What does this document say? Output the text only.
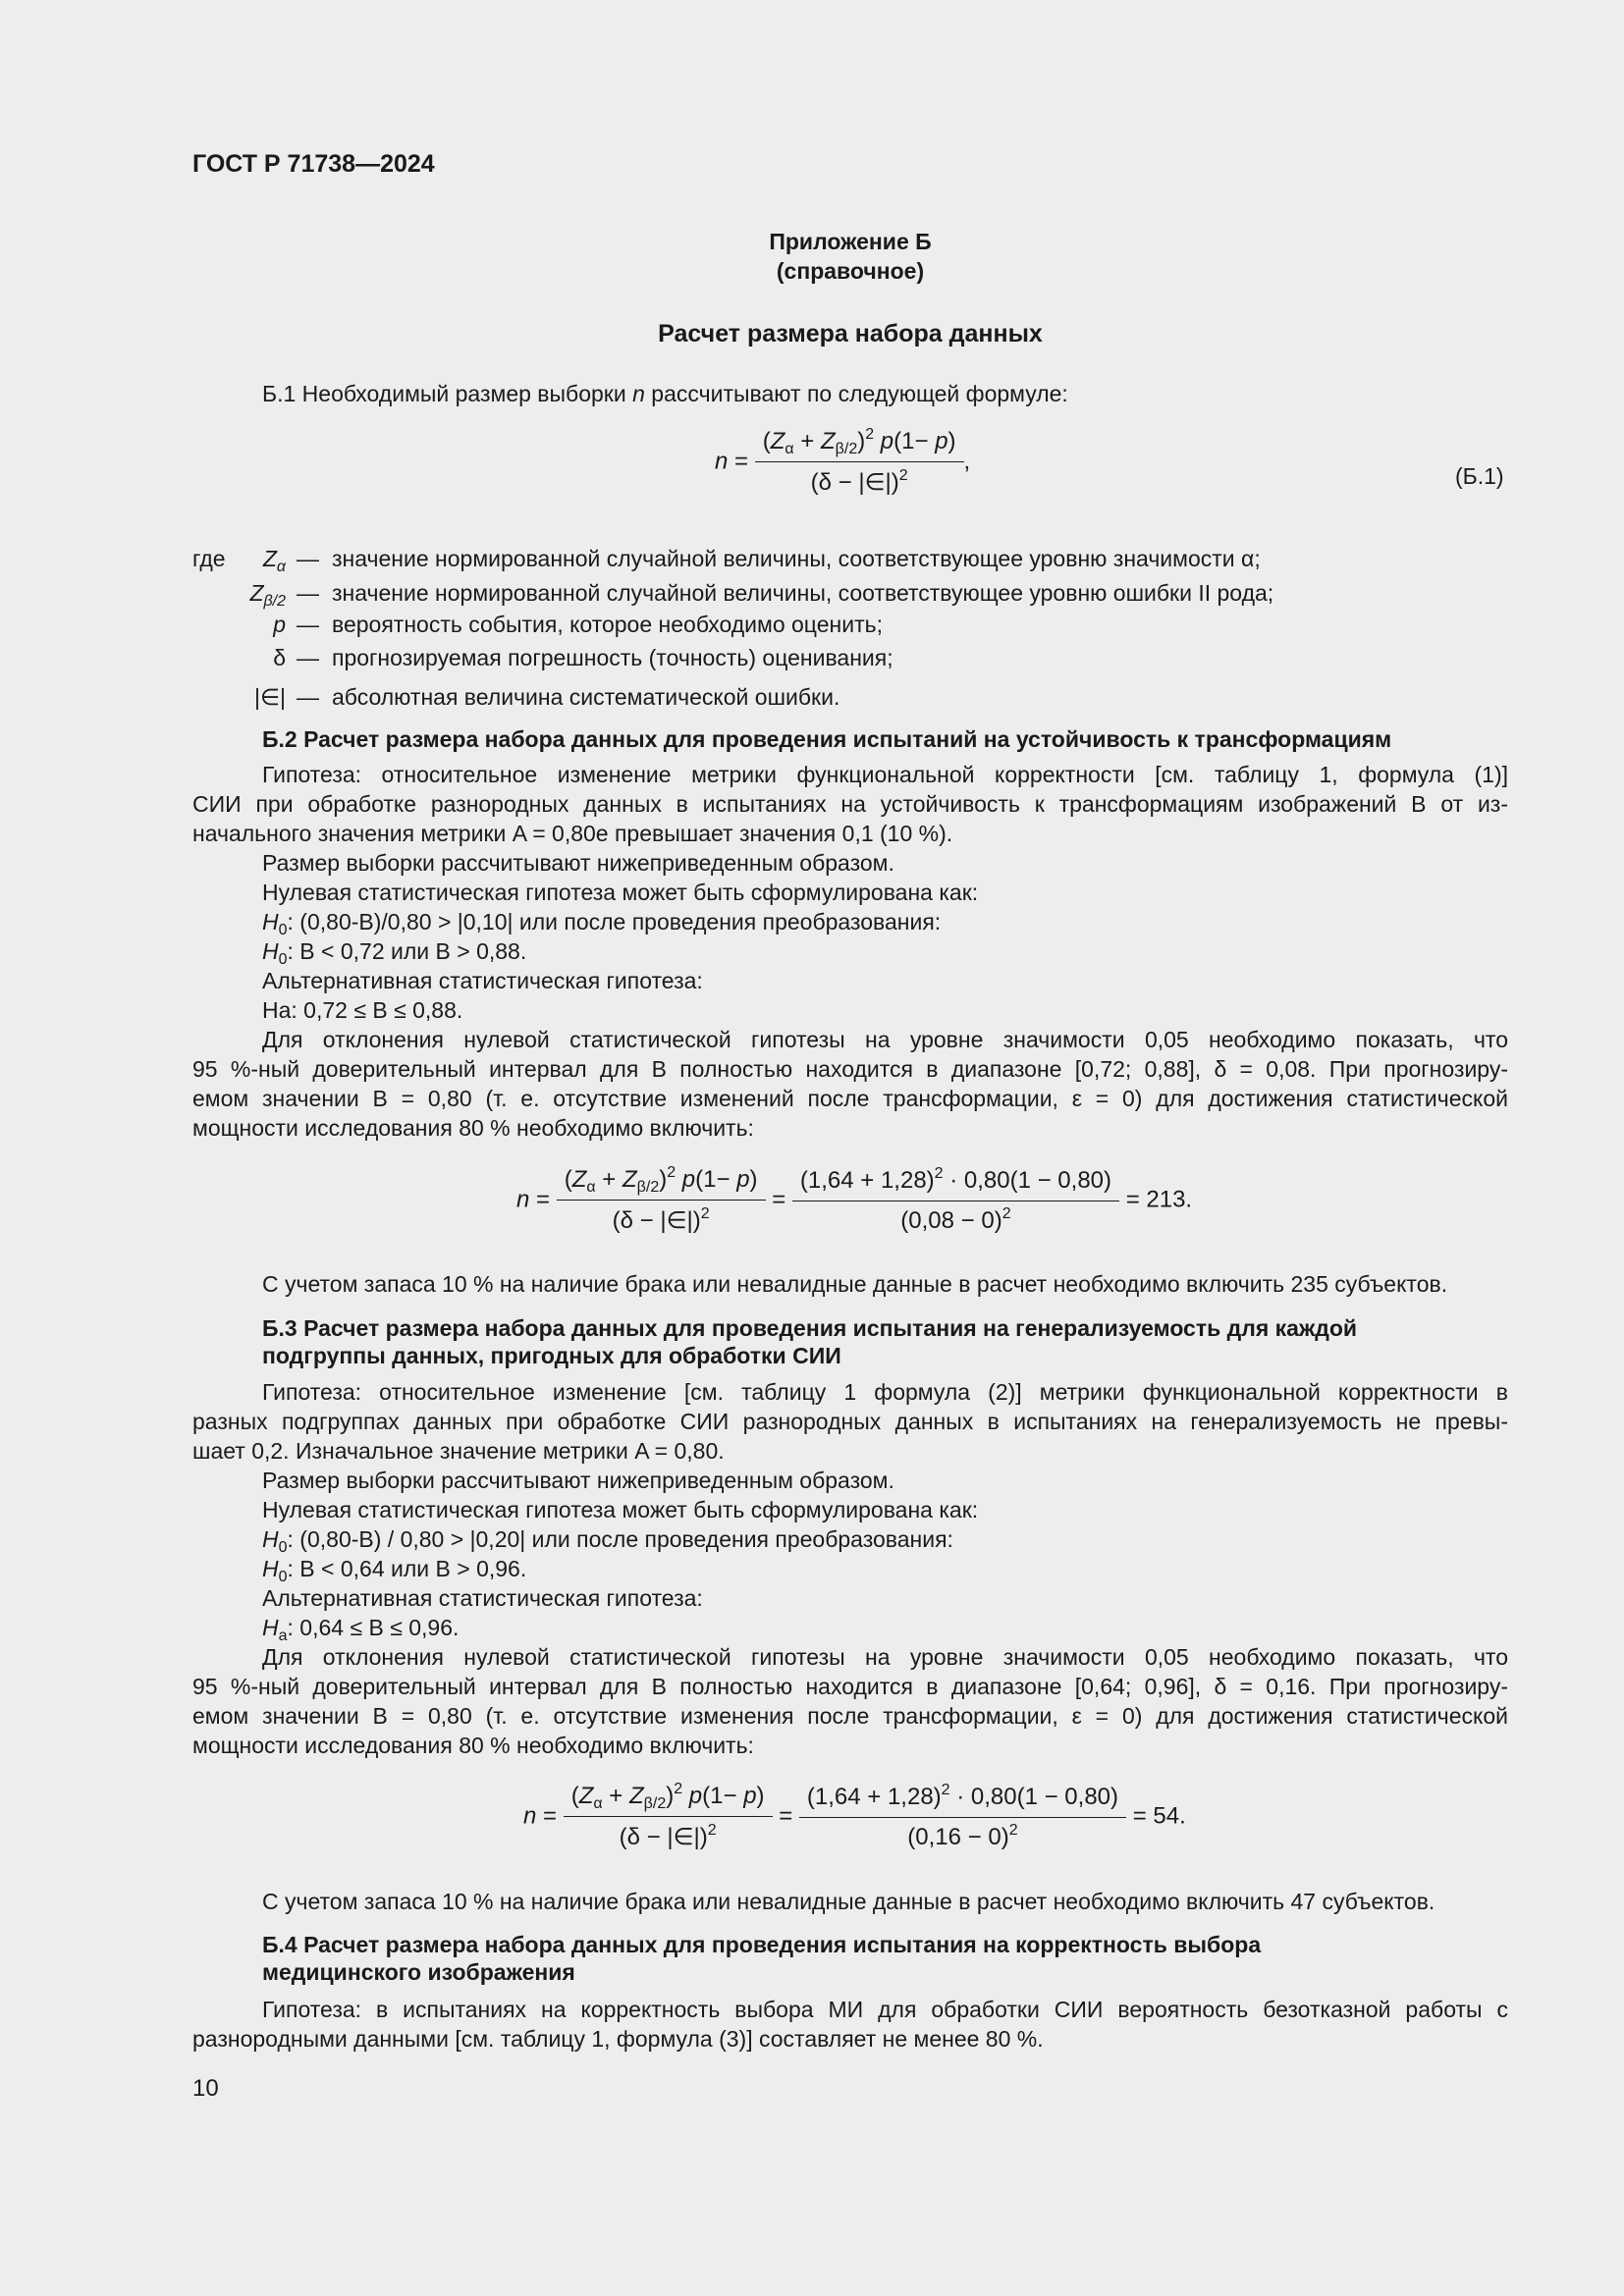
ГОСТ Р 71738—2024
Приложение Б
(справочное)
Расчет размера набора данных
Б.1 Необходимый размер выборки n рассчитывают по следующей формуле:
$n = \frac{(Z_\alpha + Z_{\beta/2})^2 p(1- p)}{(\delta - |\in|)^2}$ ,
(Б.1)
где	$Z_\alpha$ — значение нормированной случайной величины, соответствующее уровню значимости α;
$Z_{\beta/2}$ — значение нормированной случайной величины, соответствующее уровню ошибки II рода;
p — вероятность события, которое необходимо оценить;
δ — прогнозируемая погрешность (точность) оценивания;
|∈| — абсолютная величина систематической ошибки.
Б.2 Расчет размера набора данных для проведения испытаний на устойчивость к трансформациям
Гипотеза: относительное изменение метрики функциональной корректности [см. таблицу 1, формула (1)]
СИИ при обработке разнородных данных в испытаниях на устойчивость к трансформациям изображений B от из-
начального значения метрики A = 0,80e превышает значения 0,1 (10 %).
Размер выборки рассчитывают нижеприведенным образом.
Нулевая статистическая гипотеза может быть сформулирована как:
$H_0$: (0,80-B)/0,80 > |0,10| или после проведения преобразования:
$H_0$: B < 0,72 или B > 0,88.
Альтернативная статистическая гипотеза:
Ha: 0,72 ≤ B ≤ 0,88.
Для отклонения нулевой статистической гипотезы на уровне значимости 0,05 необходимо показать, что
95 %-ный доверительный интервал для B полностью находится в диапазоне [0,72; 0,88], δ = 0,08. При прогнозиру-
емом значении B = 0,80 (т. е. отсутствие изменений после трансформации, ε = 0) для достижения статистической
мощности исследования 80 % необходимо включить:
$n = \frac{(Z_\alpha + Z_{\beta/2})^2 p(1- p)}{(\delta - |\in|)^2} = \frac{(1,64 + 1,28)^2 \cdot 0,80(1 - 0,80)}{(0,08 - 0)^2} = 213$.
С учетом запаса 10 % на наличие брака или невалидные данные в расчет необходимо включить 235 субъектов.
Б.3 Расчет размера набора данных для проведения испытания на генерализуемость для каждой
подгруппы данных, пригодных для обработки СИИ
Гипотеза: относительное изменение [см. таблицу 1 формула (2)] метрики функциональной корректности в
разных подгруппах данных при обработке СИИ разнородных данных в испытаниях на генерализуемость не превы-
шает 0,2. Изначальное значение метрики A = 0,80.
Размер выборки рассчитывают нижеприведенным образом.
Нулевая статистическая гипотеза может быть сформулирована как:
$H_0$: (0,80-B) / 0,80 > |0,20| или после проведения преобразования:
$H_0$: B < 0,64 или B > 0,96.
Альтернативная статистическая гипотеза:
$H_a$: 0,64 ≤ B ≤ 0,96.
Для отклонения нулевой статистической гипотезы на уровне значимости 0,05 необходимо показать, что
95 %-ный доверительный интервал для B полностью находится в диапазоне [0,64; 0,96], δ = 0,16. При прогнозиру-
емом значении B = 0,80 (т. е. отсутствие изменения после трансформации, ε = 0) для достижения статистической
мощности исследования 80 % необходимо включить:
$n = \frac{(Z_\alpha + Z_{\beta/2})^2 p(1- p)}{(\delta - |\in|)^2} = \frac{(1,64 + 1,28)^2 \cdot 0,80(1 - 0,80)}{(0,16 - 0)^2} = 54$.
С учетом запаса 10 % на наличие брака или невалидные данные в расчет необходимо включить 47 субъектов.
Б.4 Расчет размера набора данных для проведения испытания на корректность выбора
медицинского изображения
Гипотеза: в испытаниях на корректность выбора МИ для обработки СИИ вероятность безотказной работы с
разнородными данными [см. таблицу 1, формула (3)] составляет не менее 80 %.
10
